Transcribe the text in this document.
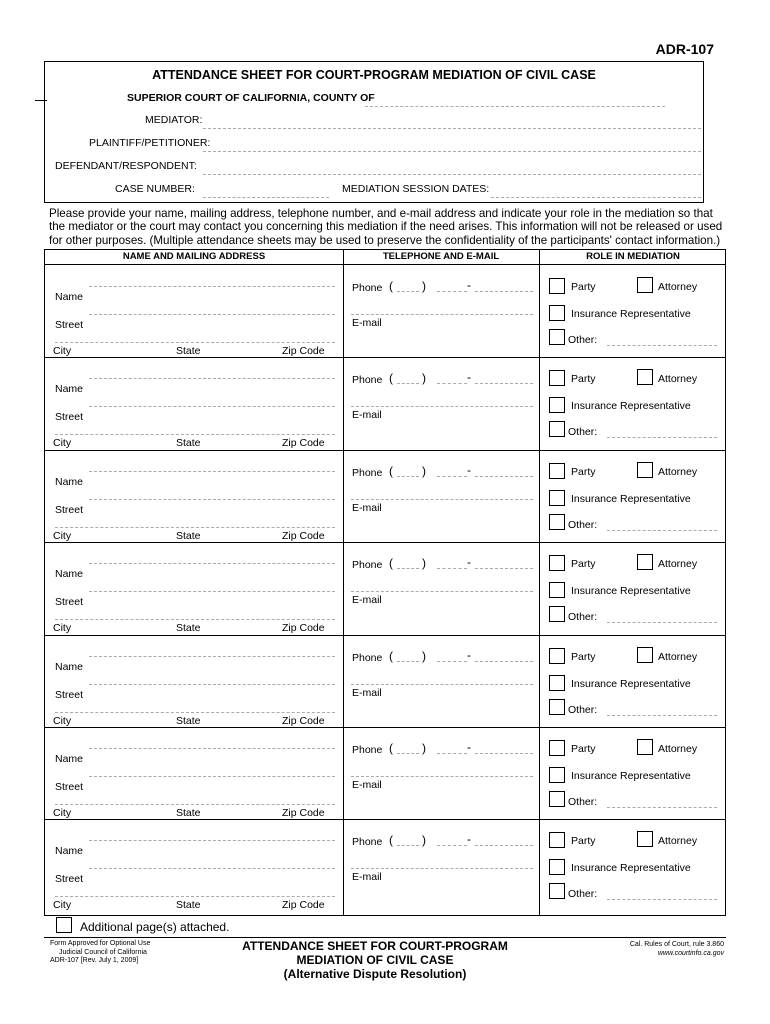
ADR-107
ATTENDANCE SHEET FOR COURT-PROGRAM MEDIATION OF CIVIL CASE
SUPERIOR COURT OF CALIFORNIA, COUNTY OF
MEDIATOR:
PLAINTIFF/PETITIONER:
DEFENDANT/RESPONDENT:
CASE NUMBER:	MEDIATION SESSION DATES:
Please provide your name, mailing address, telephone number, and e-mail address and indicate your role in the mediation so that the mediator or the court may contact you concerning this mediation if the need arises. This information will not be released or used for other purposes. (Multiple attendance sheets may be used to preserve the confidentiality of the participants' contact information.)
NAME AND MAILING ADDRESS	TELEPHONE AND E-MAIL	ROLE IN MEDIATION
Name
Street
City	State	Zip Code
Phone ( )	-
E-mail
Party	Attorney
Insurance Representative
Other:
Name
Street
City	State	Zip Code
Phone ( )	-
E-mail
Party	Attorney
Insurance Representative
Other:
Name
Street
City	State	Zip Code
Phone ( )	-
E-mail
Party	Attorney
Insurance Representative
Other:
Name
Street
City	State	Zip Code
Phone ( )	-
E-mail
Party	Attorney
Insurance Representative
Other:
Name
Street
City	State	Zip Code
Phone ( )	-
E-mail
Party	Attorney
Insurance Representative
Other:
Name
Street
City	State	Zip Code
Phone ( )	-
E-mail
Party	Attorney
Insurance Representative
Other:
Name
Street
City	State	Zip Code
Phone ( )	-
E-mail
Party	Attorney
Insurance Representative
Other:
Additional page(s) attached.
Form Approved for Optional Use
Judicial Council of California
ADR-107 [Rev. July 1, 2009]
ATTENDANCE SHEET FOR COURT-PROGRAM
MEDIATION OF CIVIL CASE
(Alternative Dispute Resolution)
Cal. Rules of Court, rule 3.860
www.courtinfo.ca.gov
